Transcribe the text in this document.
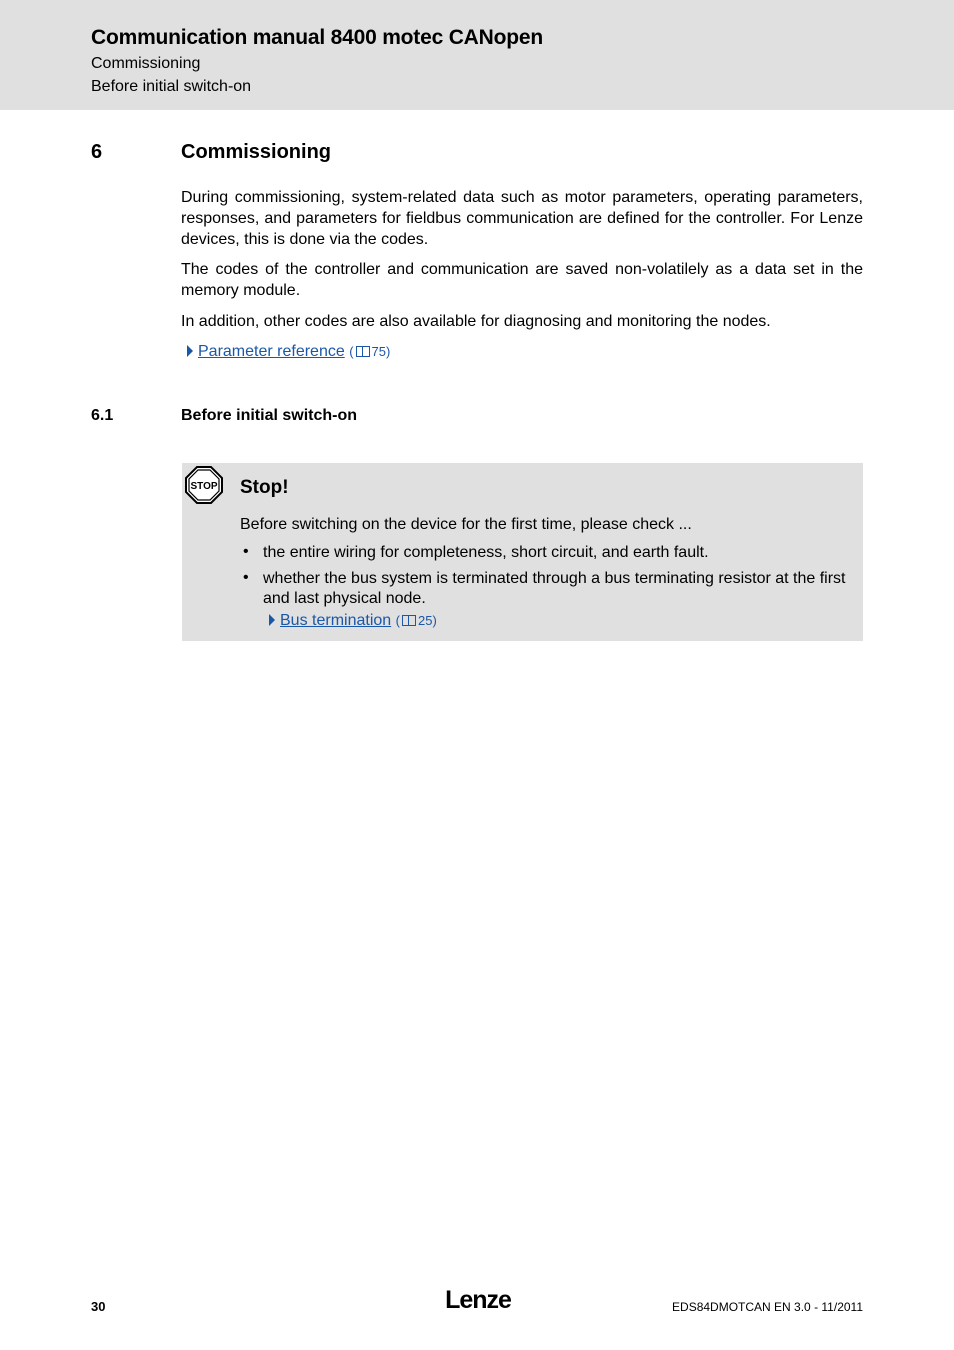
Communication manual 8400 motec CANopen
Commissioning
Before initial switch-on
6	Commissioning
During commissioning, system-related data such as motor parameters, operating parameters, responses, and parameters for fieldbus communication are defined for the controller. For Lenze devices, this is done via the codes.
The codes of the controller and communication are saved non-volatilely as a data set in the memory module.
In addition, other codes are also available for diagnosing and monitoring the nodes.
Parameter reference ( 75)
6.1	Before initial switch-on
STOP Stop!
Before switching on the device for the first time, please check ...
• the entire wiring for completeness, short circuit, and earth fault.
• whether the bus system is terminated through a bus terminating resistor at the first and last physical node.
Bus termination ( 25)
30	Lenze	EDS84DMOTCAN EN 3.0 - 11/2011
